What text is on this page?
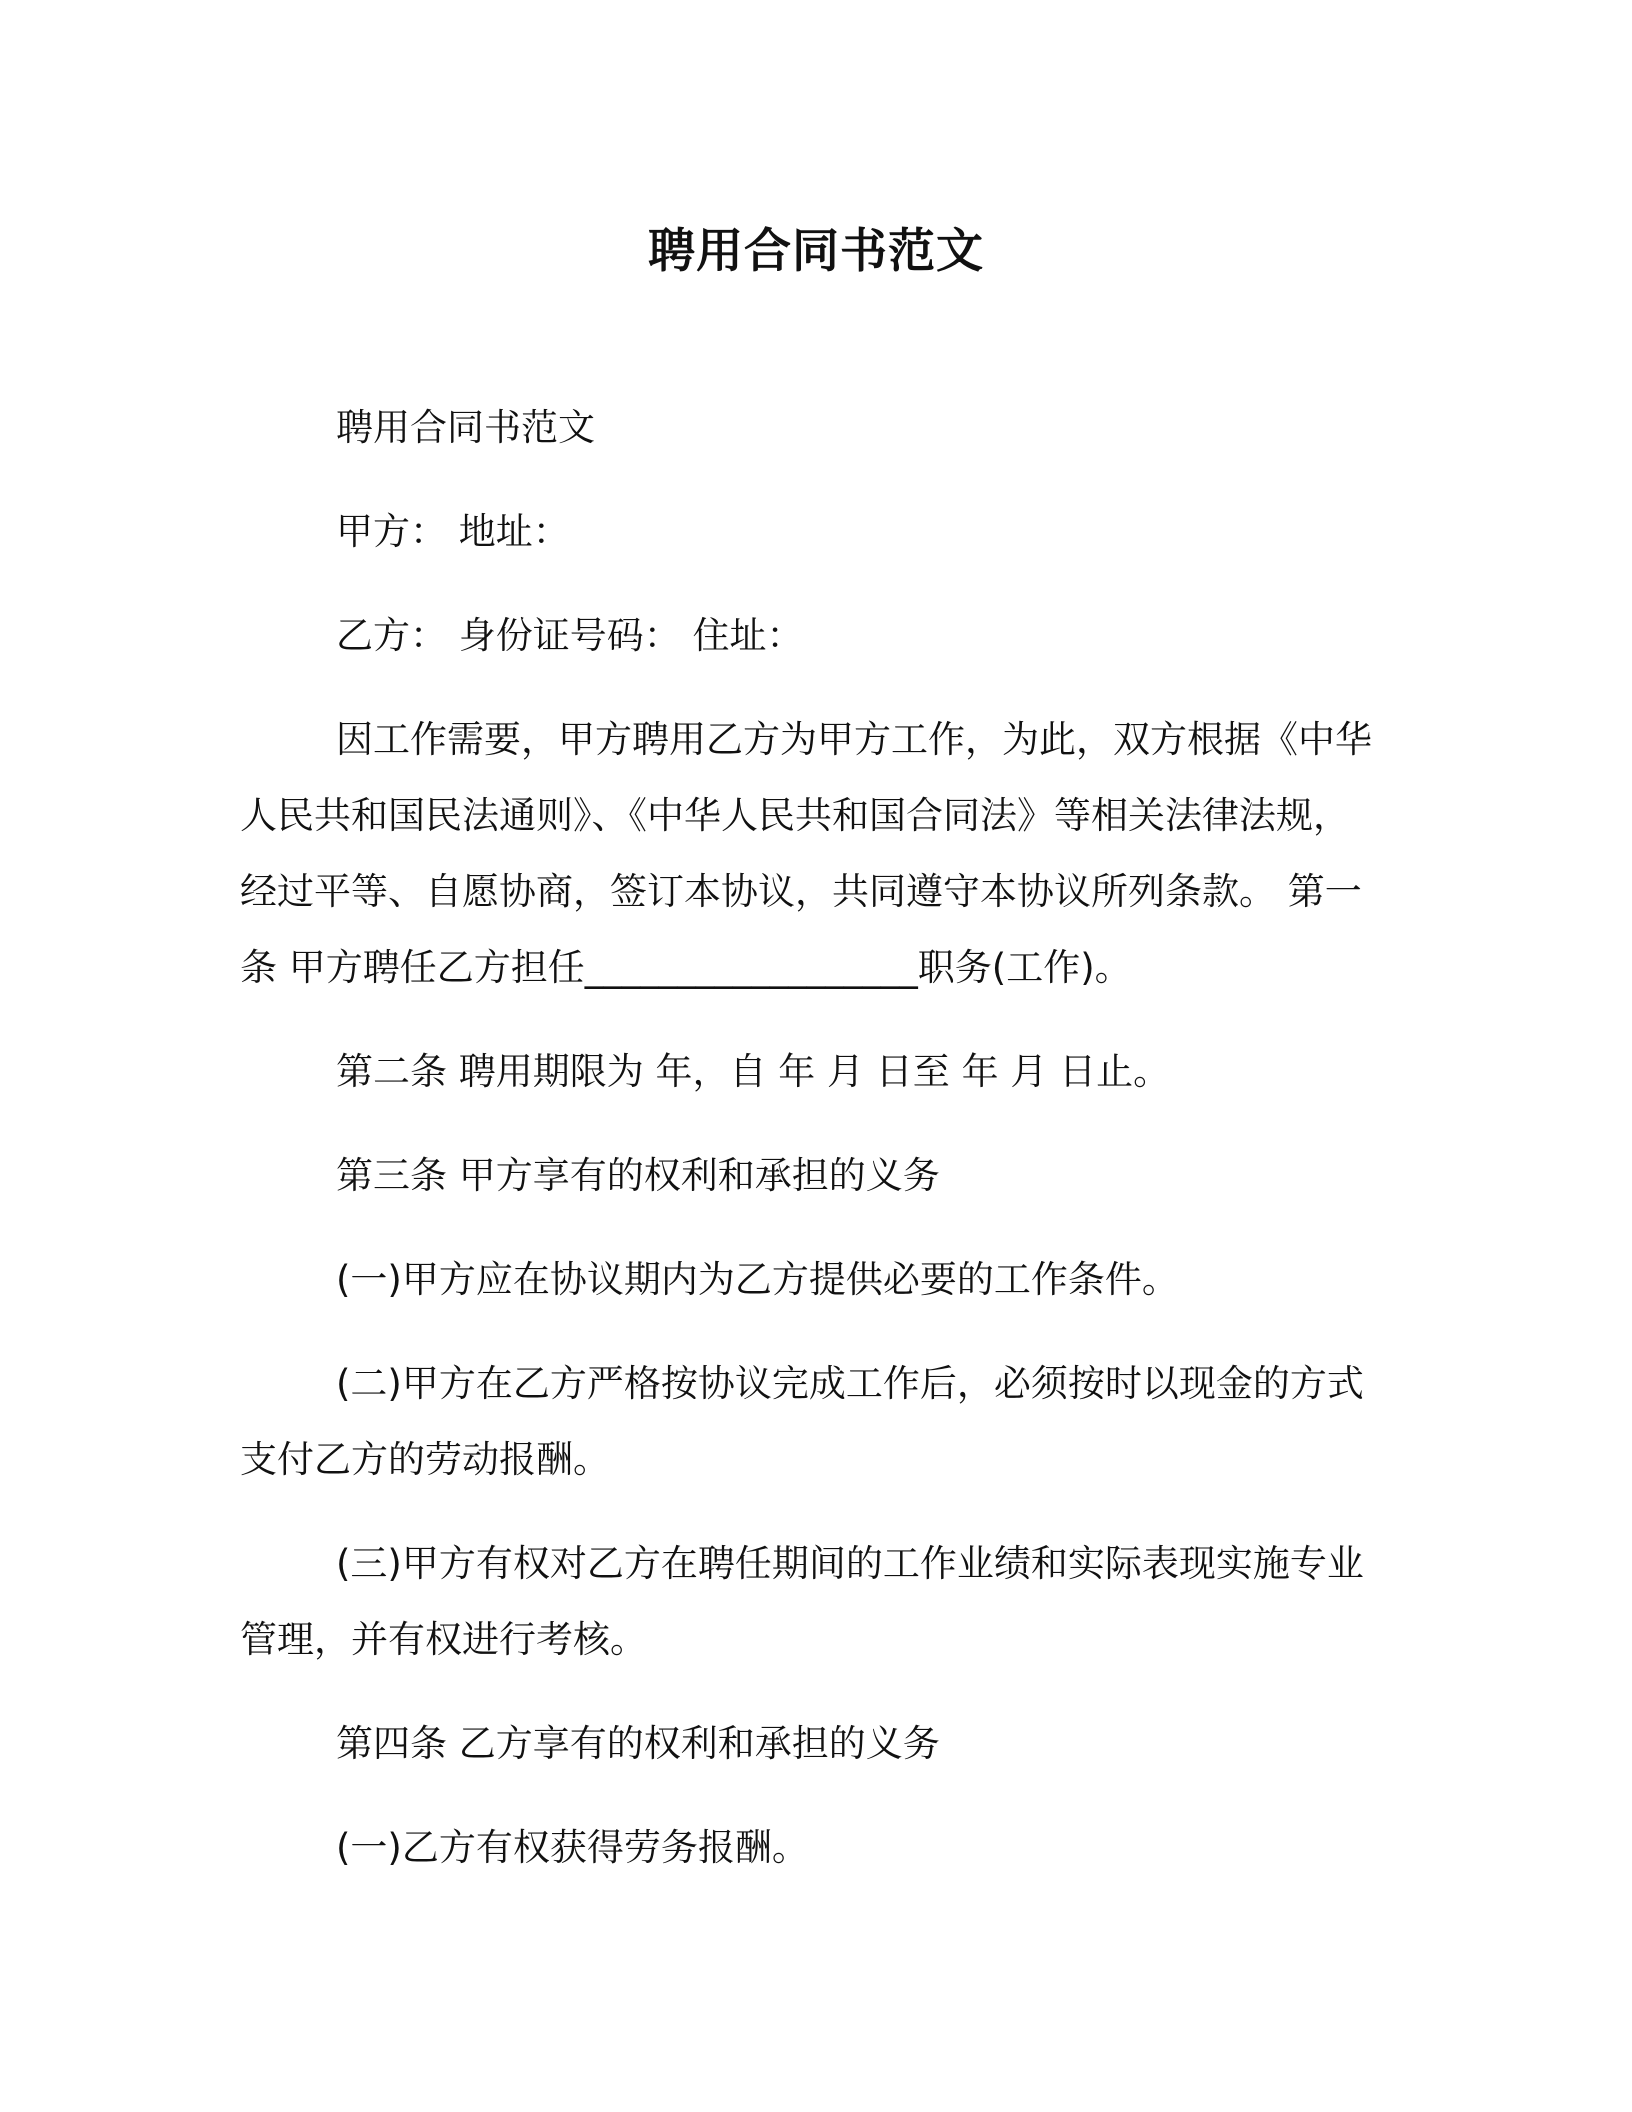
聘用合同书范文

聘用合同书范文

甲方： 地址：

乙方： 身份证号码： 住址：

因工作需要，甲方聘用乙方为甲方工作，为此，双方根据《中华
人民共和国民法通则》、《中华人民共和国合同法》等相关法律法规，
经过平等、自愿协商，签订本协议，共同遵守本协议所列条款。 第一
条 甲方聘任乙方担任__________________职务(工作)。

第二条 聘用期限为 年，自 年 月 日至 年 月 日止。

第三条 甲方享有的权利和承担的义务

(一)甲方应在协议期内为乙方提供必要的工作条件。

(二)甲方在乙方严格按协议完成工作后，必须按时以现金的方式
支付乙方的劳动报酬。

(三)甲方有权对乙方在聘任期间的工作业绩和实际表现实施专业
管理，并有权进行考核。

第四条 乙方享有的权利和承担的义务

(一)乙方有权获得劳务报酬。
